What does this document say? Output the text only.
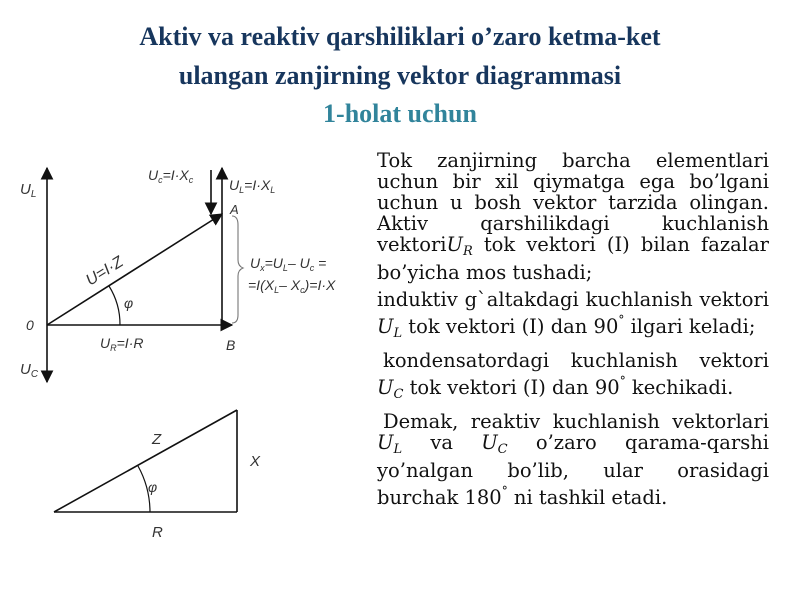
Aktiv va reaktiv qarshiliklari o’zaro ketma-ket
ulangan zanjirning vektor diagrammasi
1-holat uchun
$U_L$
$U_C$
0
U=I·Z
φ
$U_R=I\cdot R$	B
A
$U_c=I\cdot X_c$	$U_L=I\cdot X_L$
$U_x=U_L-$ $U_c$ =
$=I(X_L-$ $X_c)=I\cdot X$
Z
φ
R
X

Tok zanjirning barcha elementlari uchun bir xil qiymatga ega bo’lgani uchun u bosh vektor tarzida olingan. Aktiv qarshilikdagi kuchlanish vektoriU$_R$ tok vektori (I) bilan fazalar bo’yicha mos tushadi;

induktiv g`altakdagi kuchlanish vektori $U_L$ tok vektori (I) dan 90° ilgari keladi;

kondensatordagi kuchlanish vektori $U_C$ tok vektori (I) dan 90° kechikadi.

Demak, reaktiv kuchlanish vektorlari $U_L$ va $U_C$ o’zaro qarama-qarshi yo’nalgan bo’lib, ular orasidagi burchak 180° ni tashkil etadi.
